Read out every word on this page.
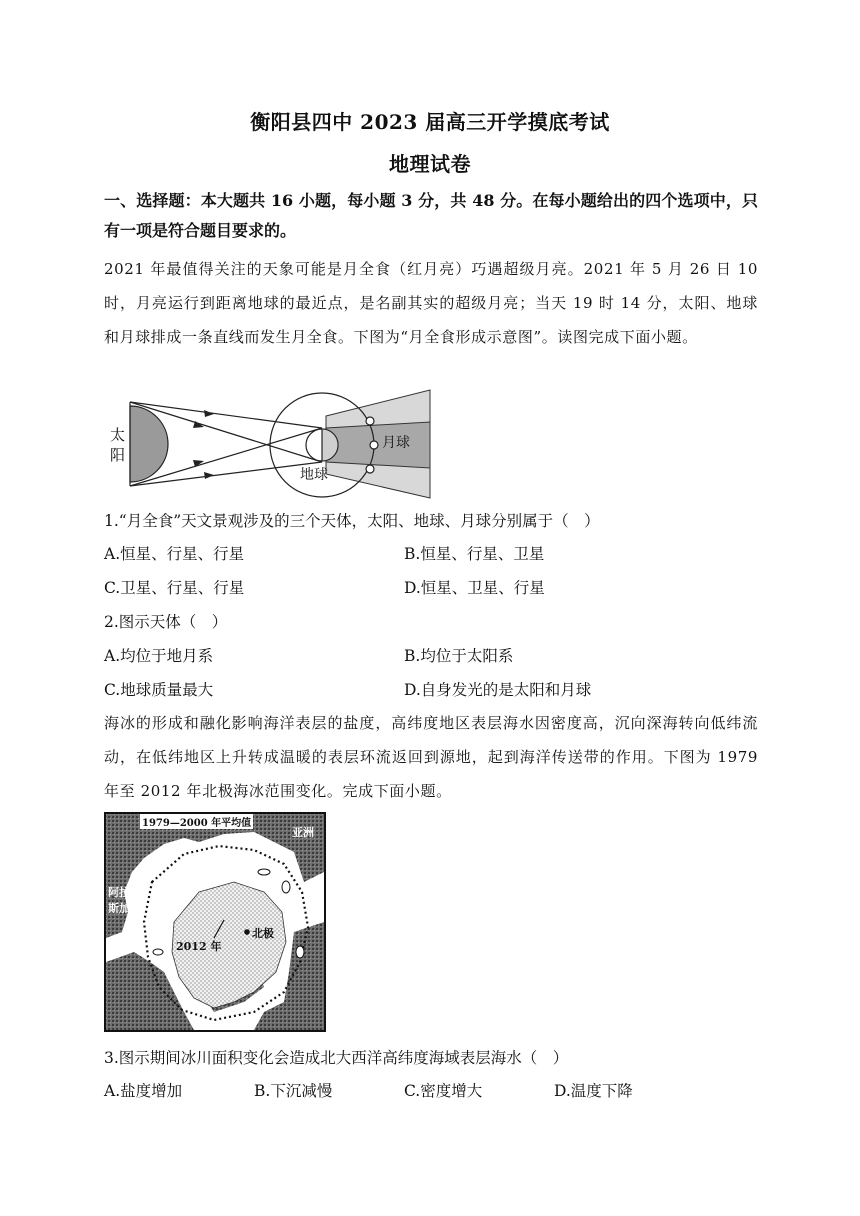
衡阳县四中 2023 届高三开学摸底考试
地理试卷
一、选择题：本大题共 16 小题，每小题 3 分，共 48 分。在每小题给出的四个选项中，只有一项是符合题目要求的。
2021 年最值得关注的天象可能是月全食（红月亮）巧遇超级月亮。2021 年 5 月 26 日 10 时，月亮运行到距离地球的最近点，是名副其实的超级月亮；当天 19 时 14 分，太阳、地球和月球排成一条直线而发生月全食。下图为“月全食形成示意图”。读图完成下面小题。
太
阳
地球
月球
1.“月全食”天文景观涉及的三个天体，太阳、地球、月球分别属于（　）
A.恒星、行星、行星	B.恒星、行星、卫星
C.卫星、行星、行星	D.恒星、卫星、行星
2.图示天体（　）
A.均位于地月系	B.均位于太阳系
C.地球质量最大	D.自身发光的是太阳和月球
海冰的形成和融化影响海洋表层的盐度，高纬度地区表层海水因密度高，沉向深海转向低纬流动，在低纬地区上升转成温暖的表层环流返回到源地，起到海洋传送带的作用。下图为 1979 年至 2012 年北极海冰范围变化。完成下面小题。
1979—2000 年平均值
亚洲
阿拉
斯加
2012 年
北极
3.图示期间冰川面积变化会造成北大西洋高纬度海域表层海水（　）
A.盐度增加	B.下沉减慢	C.密度增大	D.温度下降
